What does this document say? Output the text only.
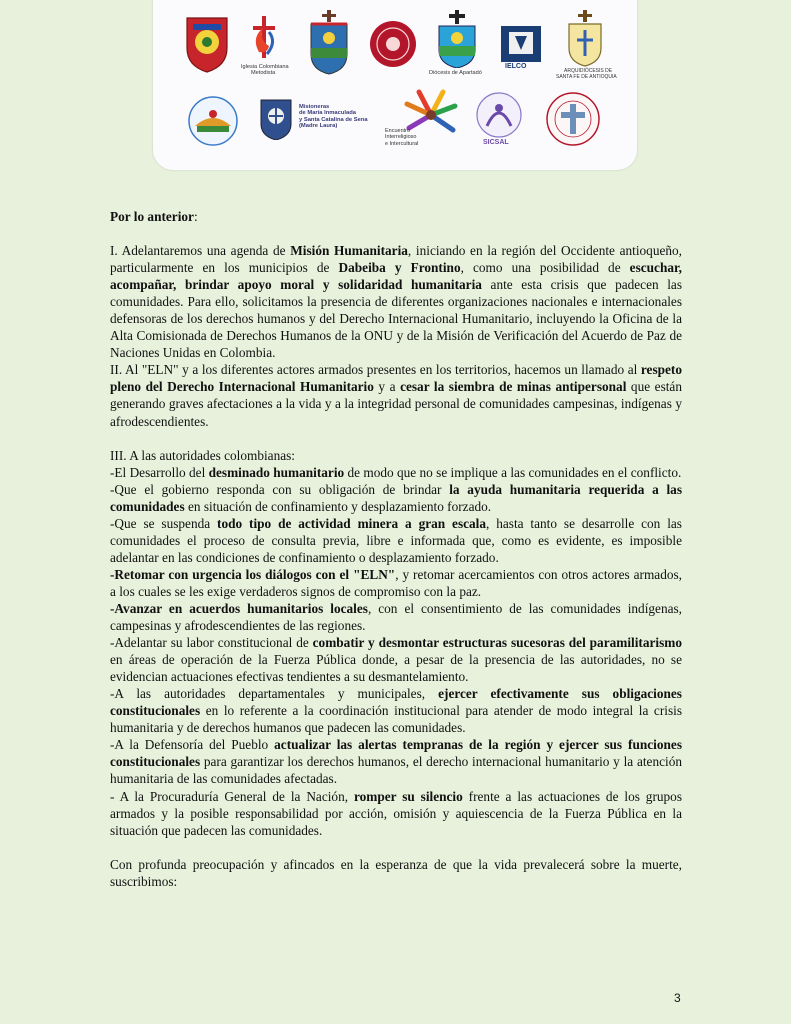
Iglesia Colombiana
Metodista	Diócesis de Apartadó
IELCO
ARQUIDIÓCESIS DE
SANTA FE DE ANTIOQUIA
Misioneras
de María Inmaculada
y Santa Catalina de Sena
(Madre Laura)
Encuentro
Interreligioso
e Intercultural	SICSAL

Por lo anterior:

I. Adelantaremos una agenda de Misión Humanitaria, iniciando en la región del Occidente antioqueño, particularmente en los municipios de Dabeiba y Frontino, como una posibilidad de escuchar, acompañar, brindar apoyo moral y solidaridad humanitaria ante esta crisis que padecen las comunidades. Para ello, solicitamos la presencia de diferentes organizaciones nacionales e internacionales defensoras de los derechos humanos y del Derecho Internacional Humanitario, incluyendo la Oficina de la Alta Comisionada de Derechos Humanos de la ONU y de la Misión de Verificación del Acuerdo de Paz de Naciones Unidas en Colombia.

II. Al "ELN" y a los diferentes actores armados presentes en los territorios, hacemos un llamado al respeto pleno del Derecho Internacional Humanitario y a cesar la siembra de minas antipersonal que están generando graves afectaciones a la vida y a la integridad personal de comunidades campesinas, indígenas y afrodescendientes.

III. A las autoridades colombianas:

-El Desarrollo del desminado humanitario de modo que no se implique a las comunidades en el conflicto.

-Que el gobierno responda con su obligación de brindar la ayuda humanitaria requerida a las comunidades en situación de confinamiento y desplazamiento forzado.

-Que se suspenda todo tipo de actividad minera a gran escala, hasta tanto se desarrolle con las comunidades el proceso de consulta previa, libre e informada que, como es evidente, es imposible adelantar en las condiciones de confinamiento o desplazamiento forzado.

-Retomar con urgencia los diálogos con el "ELN", y retomar acercamientos con otros actores armados, a los cuales se les exige verdaderos signos de compromiso con la paz.

-Avanzar en acuerdos humanitarios locales, con el consentimiento de las comunidades indígenas, campesinas y afrodescendientes de las regiones.

-Adelantar su labor constitucional de combatir y desmontar estructuras sucesoras del paramilitarismo en áreas de operación de la Fuerza Pública donde, a pesar de la presencia de las autoridades, no se evidencian actuaciones efectivas tendientes a su desmantelamiento.

-A las autoridades departamentales y municipales, ejercer efectivamente sus obligaciones constitucionales en lo referente a la coordinación institucional para atender de modo integral la crisis humanitaria y de derechos humanos que padecen las comunidades.

-A la Defensoría del Pueblo actualizar las alertas tempranas de la región y ejercer sus funciones constitucionales para garantizar los derechos humanos, el derecho internacional humanitario y la atención humanitaria de las comunidades afectadas.

- A la Procuraduría General de la Nación, romper su silencio frente a las actuaciones de los grupos armados y la posible responsabilidad por acción, omisión y aquiescencia de la Fuerza Pública en la situación que padecen las comunidades.

Con profunda preocupación y afincados en la esperanza de que la vida prevalecerá sobre la muerte, suscribimos:

3
